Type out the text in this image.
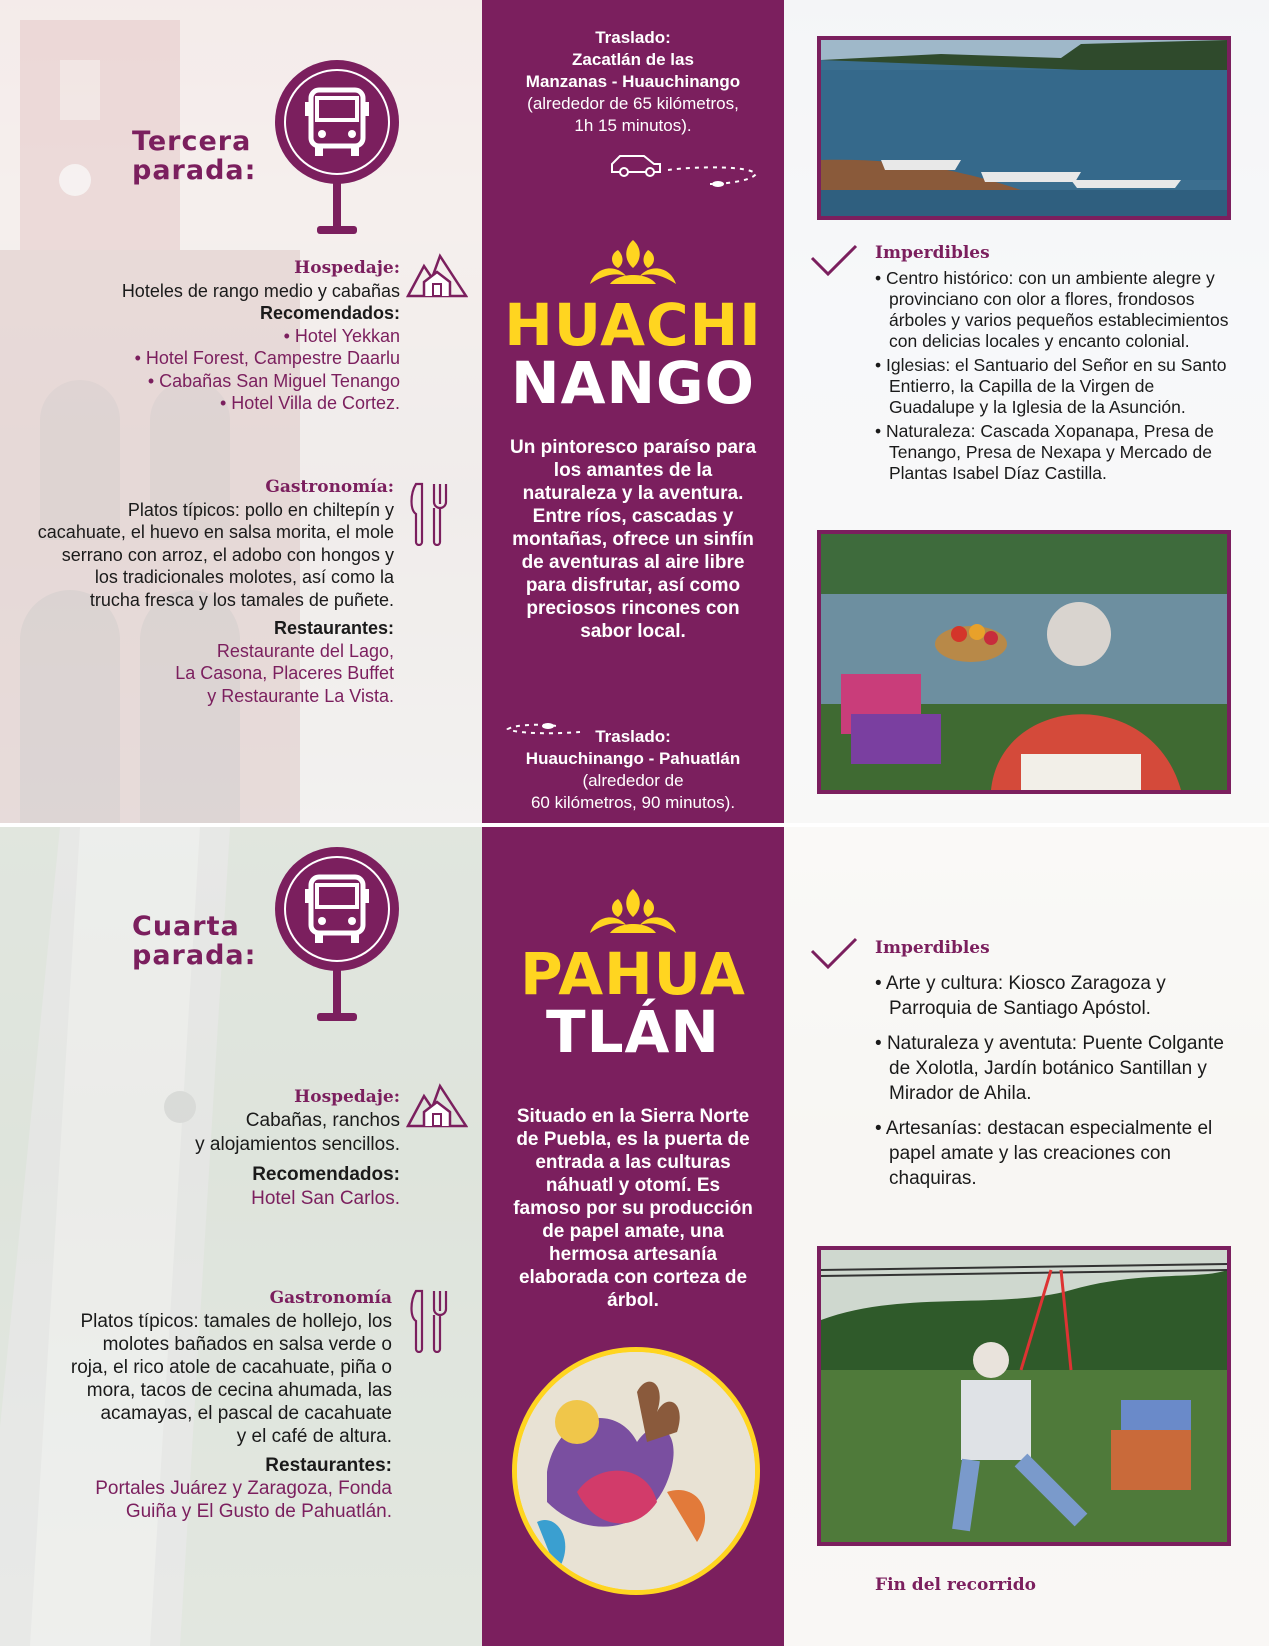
Tercera
parada:
Hospedaje:
Hoteles de rango medio y cabañas
Recomendados:
• Hotel Yekkan
• Hotel Forest, Campestre Daarlu
• Cabañas San Miguel Tenango
• Hotel Villa de Cortez.
Gastronomía:
Platos típicos: pollo en chiltepín y
cacahuate, el huevo en salsa morita, el mole
serrano con arroz, el adobo con hongos y
los tradicionales molotes, así como la
trucha fresca y los tamales de puñete.
Restaurantes:
Restaurante del Lago,
La Casona, Placeres Buffet
y Restaurante La Vista.
Traslado:
Zacatlán de las
Manzanas - Huauchinango
(alrededor de 65 kilómetros,
1h 15 minutos).
HUACHI
NANGO
Un pintoresco paraíso para los amantes de la naturaleza y la aventura. Entre ríos, cascadas y montañas, ofrece un sinfín de aventuras al aire libre para disfrutar, así como preciosos rincones con sabor local.
Traslado:
Huauchinango - Pahuatlán
(alrededor de
60 kilómetros, 90 minutos).
Imperdibles
• Centro histórico: con un ambiente alegre y provinciano con olor a flores, frondosos árboles y varios pequeños establecimientos con delicias locales y encanto colonial.
• Iglesias: el Santuario del Señor en su Santo Entierro, la Capilla de la Virgen de Guadalupe y la Iglesia de la Asunción.
• Naturaleza: Cascada Xopanapa, Presa de Tenango, Presa de Nexapa y Mercado de Plantas Isabel Díaz Castilla.
Cuarta
parada:
Hospedaje:
Cabañas, ranchos
y alojamientos sencillos.
Recomendados:
Hotel San Carlos.
Gastronomía
Platos típicos: tamales de hollejo, los
molotes bañados en salsa verde o
roja, el rico atole de cacahuate, piña o
mora, tacos de cecina ahumada, las
acamayas, el pascal de cacahuate
y el café de altura.
Restaurantes:
Portales Juárez y Zaragoza, Fonda
Guiña y El Gusto de Pahuatlán.
PAHUA
TLÁN
Situado en la Sierra Norte de Puebla, es la puerta de entrada a las culturas náhuatl y otomí. Es famoso por su producción de papel amate, una hermosa artesanía elaborada con corteza de árbol.
Imperdibles
• Arte y cultura: Kiosco Zaragoza y Parroquia de Santiago Apóstol.
• Naturaleza y aventuta: Puente Colgante de Xolotla, Jardín botánico Santillan y Mirador de Ahila.
• Artesanías: destacan especialmente el papel amate y las creaciones con chaquiras.
Fin del recorrido
